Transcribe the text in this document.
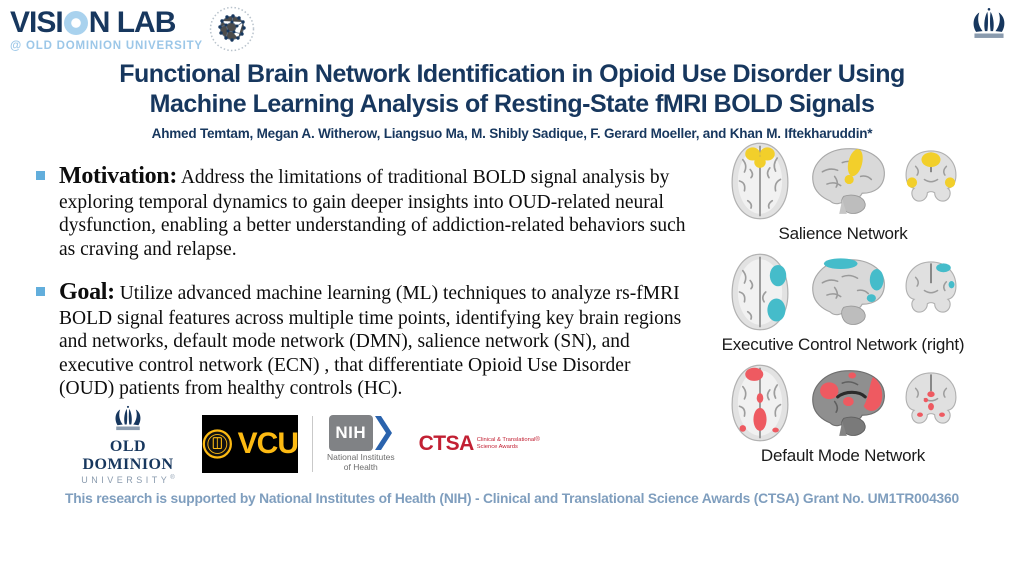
VISI N LAB
@ OLD DOMINION UNIVERSITY
Functional Brain Network Identification in Opioid Use Disorder Using
Machine Learning Analysis of Resting-State fMRI BOLD Signals
Ahmed Temtam, Megan A. Witherow, Liangsuo Ma, M. Shibly Sadique, F. Gerard Moeller, and Khan M. Iftekharuddin*
Motivation: Address the limitations of traditional BOLD signal analysis by exploring temporal dynamics to gain deeper insights into OUD-related neural dysfunction, enabling a better understanding of addiction-related behaviors such as craving and relapse.
Goal: Utilize advanced machine learning (ML) techniques to analyze rs-fMRI BOLD signal features across multiple time points, identifying key brain regions and networks, default mode network (DMN), salience network (SN), and executive control network (ECN) , that differentiate Opioid Use Disorder (OUD) patients from healthy controls (HC).
Salience Network
Executive Control Network (right)
Default Mode Network
OLD DOMINION
UNIVERSITY®
VCU NIH
National Institutes
of Health
CTSA Clinical & Translational®
Science Awards
This research is supported by National Institutes of Health (NIH) - Clinical and Translational Science Awards (CTSA) Grant No. UM1TR004360
